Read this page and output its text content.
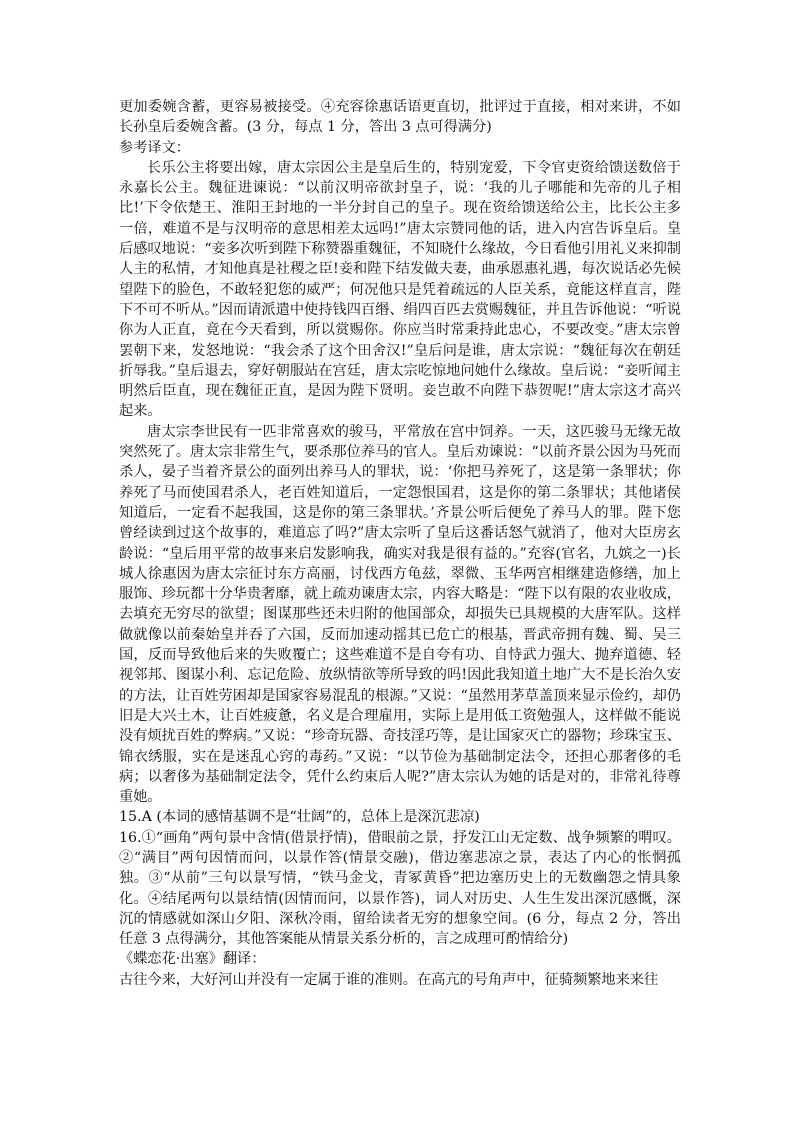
更加委婉含蓄，更容易被接受。④充容徐惠话语更直切，批评过于直接，相对来讲，不如长孙皇后委婉含蓄。(3 分，每点 1 分，答出 3 点可得满分)

参考译文：

长乐公主将要出嫁，唐太宗因公主是皇后生的，特别宠爱，下令官吏资给馈送数倍于永嘉长公主。魏征进谏说：“以前汉明帝欲封皇子，说：‘我的儿子哪能和先帝的儿子相比!’下令依楚王、淮阳王封地的一半分封自己的皇子。现在资给馈送给公主，比长公主多一倍，难道不是与汉明帝的意思相差太远吗!”唐太宗赞同他的话，进入内宫告诉皇后。皇后感叹地说：“妾多次听到陛下称赞器重魏征，不知晓什么缘故，今日看他引用礼义来抑制人主的私情，才知他真是社稷之臣!妾和陛下结发做夫妻，曲承恩惠礼遇，每次说话必先候望陛下的脸色，不敢轻犯您的威严；何况他只是凭着疏远的人臣关系，竟能这样直言，陛下不可不听从。”因而请派遣中使持钱四百缗、绢四百匹去赏赐魏征，并且告诉他说：“听说你为人正直，竟在今天看到，所以赏赐你。你应当时常秉持此忠心，不要改变。”唐太宗曾罢朝下来，发怒地说：“我会杀了这个田舍汉!”皇后问是谁，唐太宗说：“魏征每次在朝廷折辱我。”皇后退去，穿好朝服站在宫廷，唐太宗吃惊地问她什么缘故。皇后说：“妾听闻主明然后臣直，现在魏征正直，是因为陛下贤明。妾岂敢不向陛下恭贺呢!”唐太宗这才高兴起来。

唐太宗李世民有一匹非常喜欢的骏马，平常放在宫中饲养。一天，这匹骏马无缘无故突然死了。唐太宗非常生气，要杀那位养马的官人。皇后劝谏说：“以前齐景公因为马死而杀人，晏子当着齐景公的面列出养马人的罪状，说：‘你把马养死了，这是第一条罪状；你养死了马而使国君杀人，老百姓知道后，一定怨恨国君，这是你的第二条罪状；其他诸侯知道后，一定看不起我国，这是你的第三条罪状。’齐景公听后便免了养马人的罪。陛下您曾经读到过这个故事的，难道忘了吗?”唐太宗听了皇后这番话怒气就消了，他对大臣房玄龄说：“皇后用平常的故事来启发影响我，确实对我是很有益的。”充容(官名，九嫔之一)长城人徐惠因为唐太宗征讨东方高丽，讨伐西方龟兹，翠微、玉华两宫相继建造修缮，加上服饰、珍玩都十分华贵奢靡，就上疏劝谏唐太宗，内容大略是：“陛下以有限的农业收成，去填充无穷尽的欲望；图谋那些还未归附的他国部众，却损失已具规模的大唐军队。这样做就像以前秦始皇并吞了六国，反而加速动摇其已危亡的根基，晋武帝拥有魏、蜀、吴三国，反而导致他后来的失败覆亡；这些难道不是自夸有功、自恃武力强大、抛弃道德、轻视邻邦、图谋小利、忘记危险、放纵情欲等所导致的吗!因此我知道土地广大不是长治久安的方法，让百姓劳困却是国家容易混乱的根源。”又说：“虽然用茅草盖顶来显示俭约，却仍旧是大兴土木，让百姓疲惫，名义是合理雇用，实际上是用低工资勉强人，这样做不能说没有烦扰百姓的弊病。”又说：“珍奇玩器、奇技淫巧等，是让国家灭亡的器物；珍珠宝玉、锦衣绣服，实在是迷乱心窍的毒药。”又说：“以节俭为基础制定法令，还担心那奢侈的毛病；以奢侈为基础制定法令，凭什么约束后人呢?”唐太宗认为她的话是对的，非常礼待尊重她。

15.A (本词的感情基调不是“壮阔”的，总体上是深沉悲凉)

16.①“画角”两句景中含情(借景抒情)，借眼前之景，抒发江山无定数、战争频繁的喟叹。②“满目”两句因情而问，以景作答(情景交融)，借边塞悲凉之景，表达了内心的怅惘孤独。③“从前”三句以景写情，“铁马金戈，青冢黄昏”把边塞历史上的无数幽怨之情具象化。④结尾两句以景结情(因情而问，以景作答)，词人对历史、人生生发出深沉感慨，深沉的情感就如深山夕阳、深秋冷雨，留给读者无穷的想象空间。(6 分，每点 2 分，答出任意 3 点得满分，其他答案能从情景关系分析的，言之成理可酌情给分)

《蝶恋花·出塞》翻译：

古往今来，大好河山并没有一定属于谁的准则。在高亢的号角声中，征骑频繁地来来往
